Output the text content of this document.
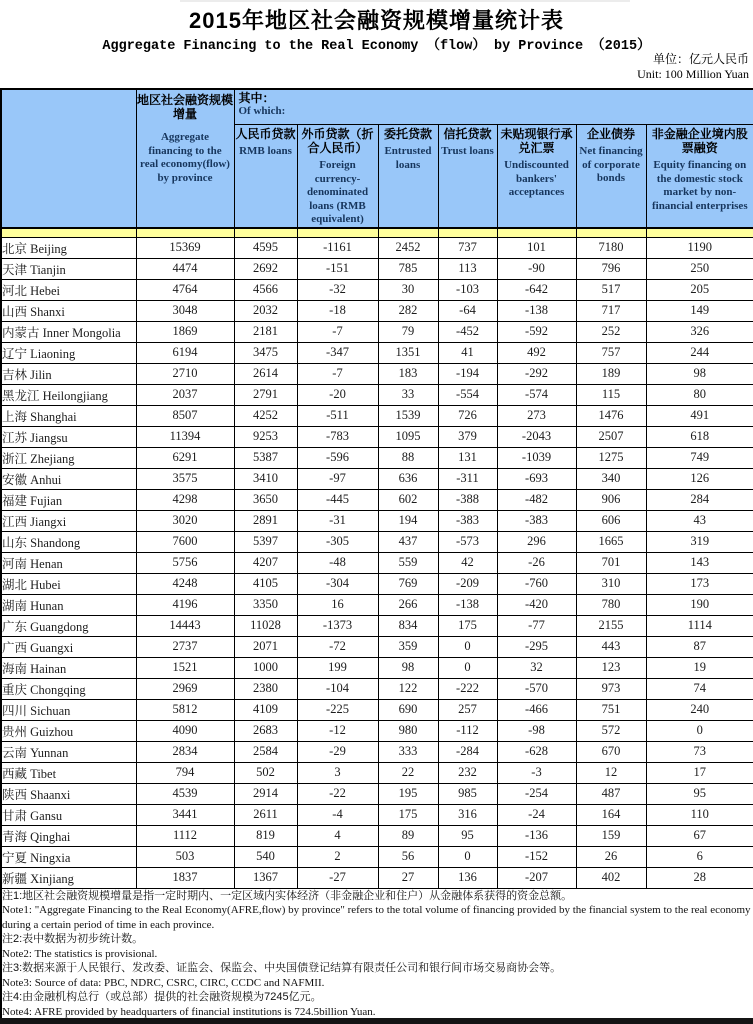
2015年地区社会融资规模增量统计表
Aggregate Financing to the Real Economy （flow） by Province （2015）
单位：亿元人民币
Unit: 100 Million Yuan

地区社会融资规模增量
Aggregate financing to the real economy(flow) by province

其中：
Of which:

人民币贷款
RMB loans

外币贷款（折合人民币）
Foreign currency-denominated loans (RMB equivalent)

委托贷款
Entrusted loans

信托贷款
Trust loans

未贴现银行承兑汇票
Undiscounted bankers' acceptances

企业债券
Net financing of corporate bonds

非金融企业境内股票融资
Equity financing on the domestic stock market by non-financial enterprises

北京 Beijing	15369	4595	-1161	2452	737	101	7180	1190
天津 Tianjin	4474	2692	-151	785	113	-90	796	250
河北 Hebei	4764	4566	-32	30	-103	-642	517	205
山西 Shanxi	3048	2032	-18	282	-64	-138	717	149
内蒙古 Inner Mongolia	1869	2181	-7	79	-452	-592	252	326
辽宁 Liaoning	6194	3475	-347	1351	41	492	757	244
吉林 Jilin	2710	2614	-7	183	-194	-292	189	98
黑龙江 Heilongjiang	2037	2791	-20	33	-554	-574	115	80
上海 Shanghai	8507	4252	-511	1539	726	273	1476	491
江苏 Jiangsu	11394	9253	-783	1095	379	-2043	2507	618
浙江 Zhejiang	6291	5387	-596	88	131	-1039	1275	749
安徽 Anhui	3575	3410	-97	636	-311	-693	340	126
福建 Fujian	4298	3650	-445	602	-388	-482	906	284
江西 Jiangxi	3020	2891	-31	194	-383	-383	606	43
山东 Shandong	7600	5397	-305	437	-573	296	1665	319
河南 Henan	5756	4207	-48	559	42	-26	701	143
湖北 Hubei	4248	4105	-304	769	-209	-760	310	173
湖南 Hunan	4196	3350	16	266	-138	-420	780	190
广东 Guangdong	14443	11028	-1373	834	175	-77	2155	1114
广西 Guangxi	2737	2071	-72	359	0	-295	443	87
海南 Hainan	1521	1000	199	98	0	32	123	19
重庆 Chongqing	2969	2380	-104	122	-222	-570	973	74
四川 Sichuan	5812	4109	-225	690	257	-466	751	240
贵州 Guizhou	4090	2683	-12	980	-112	-98	572	0
云南 Yunnan	2834	2584	-29	333	-284	-628	670	73
西藏 Tibet	794	502	3	22	232	-3	12	17
陕西 Shaanxi	4539	2914	-22	195	985	-254	487	95
甘肃 Gansu	3441	2611	-4	175	316	-24	164	110
青海 Qinghai	1112	819	4	89	95	-136	159	67
宁夏 Ningxia	503	540	2	56	0	-152	26	6
新疆 Xinjiang	1837	1367	-27	27	136	-207	402	28

注1:地区社会融资规模增量是指一定时期内、一定区域内实体经济（非金融企业和住户）从金融体系获得的资金总额。
Note1: "Aggregate Financing to the Real Economy(AFRE,flow) by province" refers to the total volume of financing provided by the financial system to the real economy during a certain period of time in each province.
注2:表中数据为初步统计数。
Note2: The statistics is provisional.
注3:数据来源于人民银行、发改委、证监会、保监会、中央国债登记结算有限责任公司和银行间市场交易商协会等。
Note3: Source of data: PBC, NDRC, CSRC, CIRC, CCDC and NAFMII.
注4:由金融机构总行（或总部）提供的社会融资规模为7245亿元。
Note4: AFRE provided by headquarters of financial institutions is 724.5billion Yuan.
